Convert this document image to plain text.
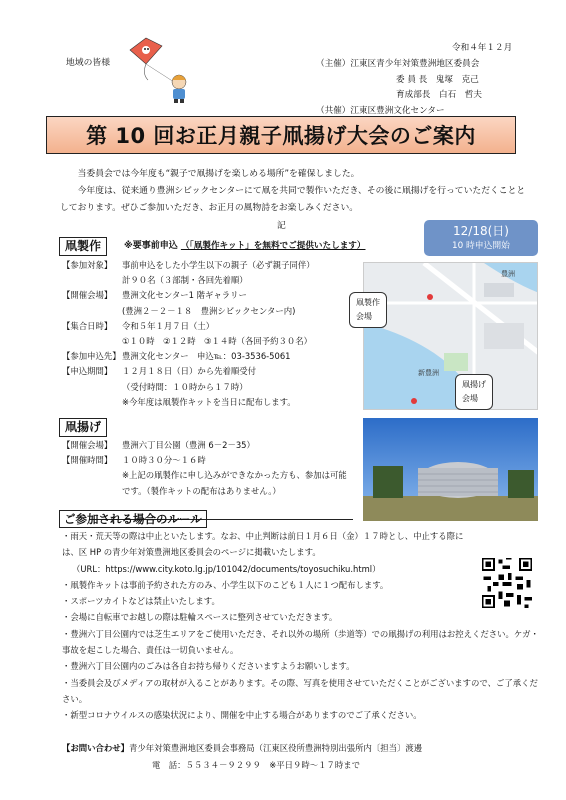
令和４年１２月
地域の皆様	（主催）江東区青少年対策豊洲地区委員会
委 員 長　鬼塚　克己
育成部長　白石　哲夫
（共催）江東区豊洲文化センター
第 10 回お正月親子凧揚げ大会のご案内

当委員会では今年度も“親子で凧揚げを楽しめる場所”を確保しました。

今年度は、従来通り豊洲シビックセンターにて凧を共同で製作いただき、その後に凧揚げを行っていただくこととしております。ぜひご参加いただき、お正月の風物詩をお楽しみください。

記	12/18(日)
10 時申込開始
凧製作	※要事前申込 （「凧製作キット」を無料でご提供いたします）
【参加対象】 事前申込をした小学生以下の親子（必ず親子同伴）
計９０名（３部制・各回先着順）
【開催会場】 豊洲文化センター1 階ギャラリー
(豊洲２－２－１８　豊洲シビックセンター内)
【集合日時】 令和５年１月７日（土）
①１０時　②１２時　③１４時（各回予約３０名）
【参加申込先】豊洲文化センター　申込℡：03-3536-5061
【申込期間】 １２月１８日（日）から先着順受付
（受付時間：１０時から１７時）
※今年度は凧製作キットを当日に配布します。
豊洲
新豊洲
凧製作
会場
凧揚げ
会場
凧揚げ
【開催会場】 豊洲六丁目公園（豊洲 6－2－35）
【開催時間】 １０時３０分～１６時
※上記の凧製作に申し込みができなかった方も、参加は可能
です。（製作キットの配布はありません。）
ご参加される場合のルール
・雨天・荒天等の際は中止といたします。なお、中止判断は前日１月６日（金）１７時とし、中止する際には、区 HP の青少年対策豊洲地区委員会のページに掲載いたします。
（URL：https://www.city.koto.lg.jp/101042/documents/toyosuchiku.html）
・凧製作キットは事前予約された方のみ、小学生以下のこども１人に１つ配布します。
・スポーツカイトなどは禁止いたします。
・会場に自転車でお越しの際は駐輪スペースに整列させていただきます。
・豊洲六丁目公園内では芝生エリアをご使用いただき、それ以外の場所（歩道等）での凧揚げの利用はお控えください。ケガ・事故を起こした場合、責任は一切負いません。
・豊洲六丁目公園内のごみは各自お持ち帰りくださいますようお願いします。
・当委員会及びメディアの取材が入ることがあります。その際、写真を使用させていただくことがございますので、ご了承ください。
・新型コロナウイルスの感染状況により、開催を中止する場合がありますのでご了承ください。
【お問い合わせ】青少年対策豊洲地区委員会事務局（江東区役所豊洲特別出張所内〔担当〕渡邊
電　話：５５３４－９２９９　※平日９時～１７時まで
